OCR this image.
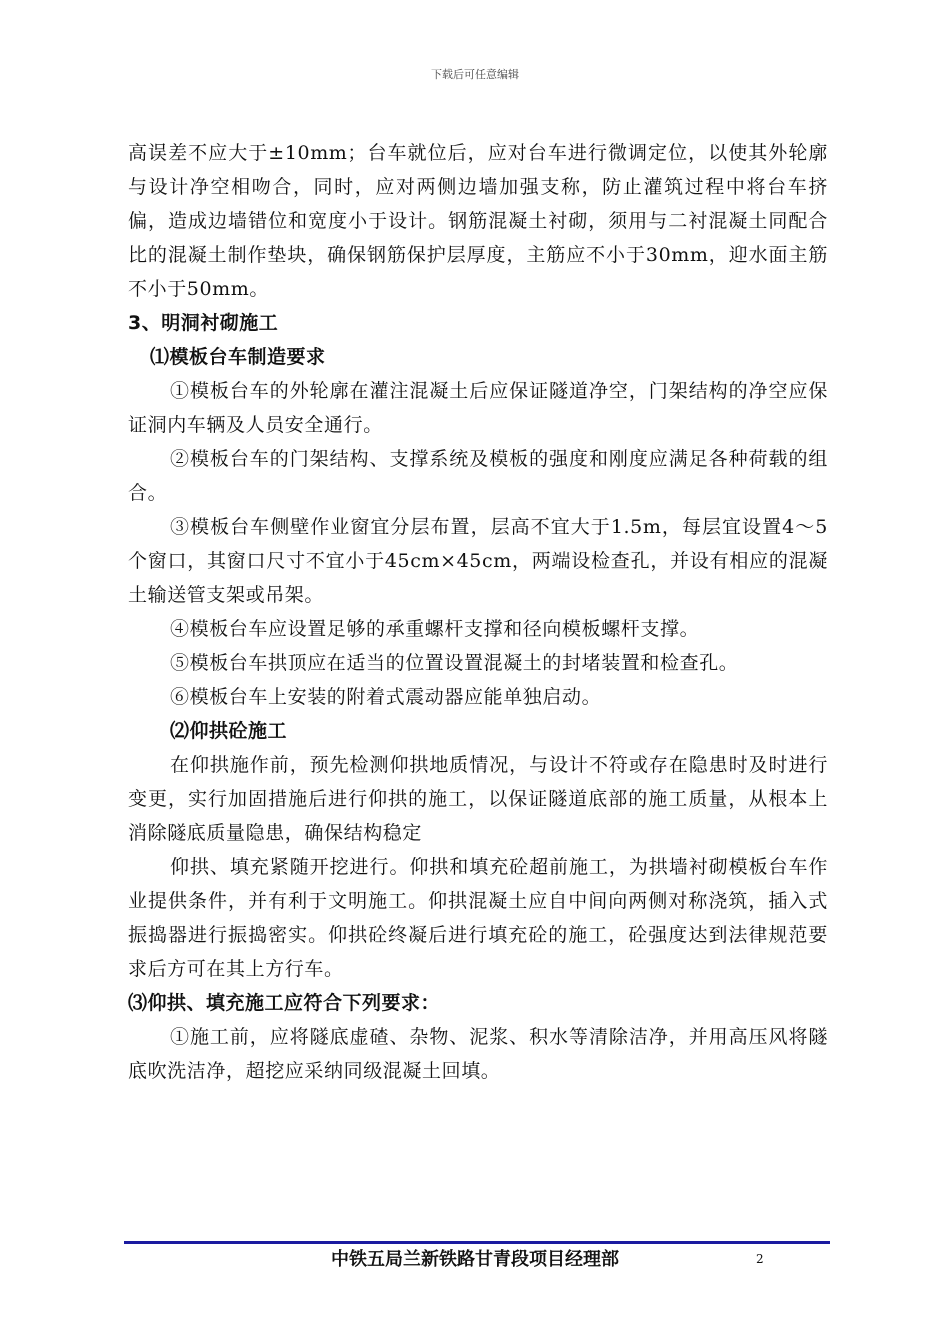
下载后可任意编辑

高误差不应大于±10mm；台车就位后，应对台车进行微调定位，以使其外轮廓与设计净空相吻合，同时，应对两侧边墙加强支称，防止灌筑过程中将台车挤偏，造成边墙错位和宽度小于设计。钢筋混凝土衬砌，须用与二衬混凝土同配合比的混凝土制作垫块，确保钢筋保护层厚度，主筋应不小于30mm，迎水面主筋不小于50mm。

3、明洞衬砌施工

⑴模板台车制造要求

①模板台车的外轮廓在灌注混凝土后应保证隧道净空，门架结构的净空应保证洞内车辆及人员安全通行。

②模板台车的门架结构、支撑系统及模板的强度和刚度应满足各种荷载的组合。

③模板台车侧壁作业窗宜分层布置，层高不宜大于1.5m，每层宜设置4～5个窗口，其窗口尺寸不宜小于45cm×45cm，两端设检查孔，并设有相应的混凝土输送管支架或吊架。

④模板台车应设置足够的承重螺杆支撑和径向模板螺杆支撑。

⑤模板台车拱顶应在适当的位置设置混凝土的封堵装置和检查孔。

⑥模板台车上安装的附着式震动器应能单独启动。

⑵仰拱砼施工

在仰拱施作前，预先检测仰拱地质情况，与设计不符或存在隐患时及时进行变更，实行加固措施后进行仰拱的施工，以保证隧道底部的施工质量，从根本上消除隧底质量隐患，确保结构稳定

仰拱、填充紧随开挖进行。仰拱和填充砼超前施工，为拱墙衬砌模板台车作业提供条件，并有利于文明施工。仰拱混凝土应自中间向两侧对称浇筑，插入式振捣器进行振捣密实。仰拱砼终凝后进行填充砼的施工，砼强度达到法律规范要求后方可在其上方行车。

⑶仰拱、填充施工应符合下列要求：

①施工前，应将隧底虚碴、杂物、泥浆、积水等清除洁净，并用高压风将隧底吹洗洁净，超挖应采纳同级混凝土回填。

中铁五局兰新铁路甘青段项目经理部	2
